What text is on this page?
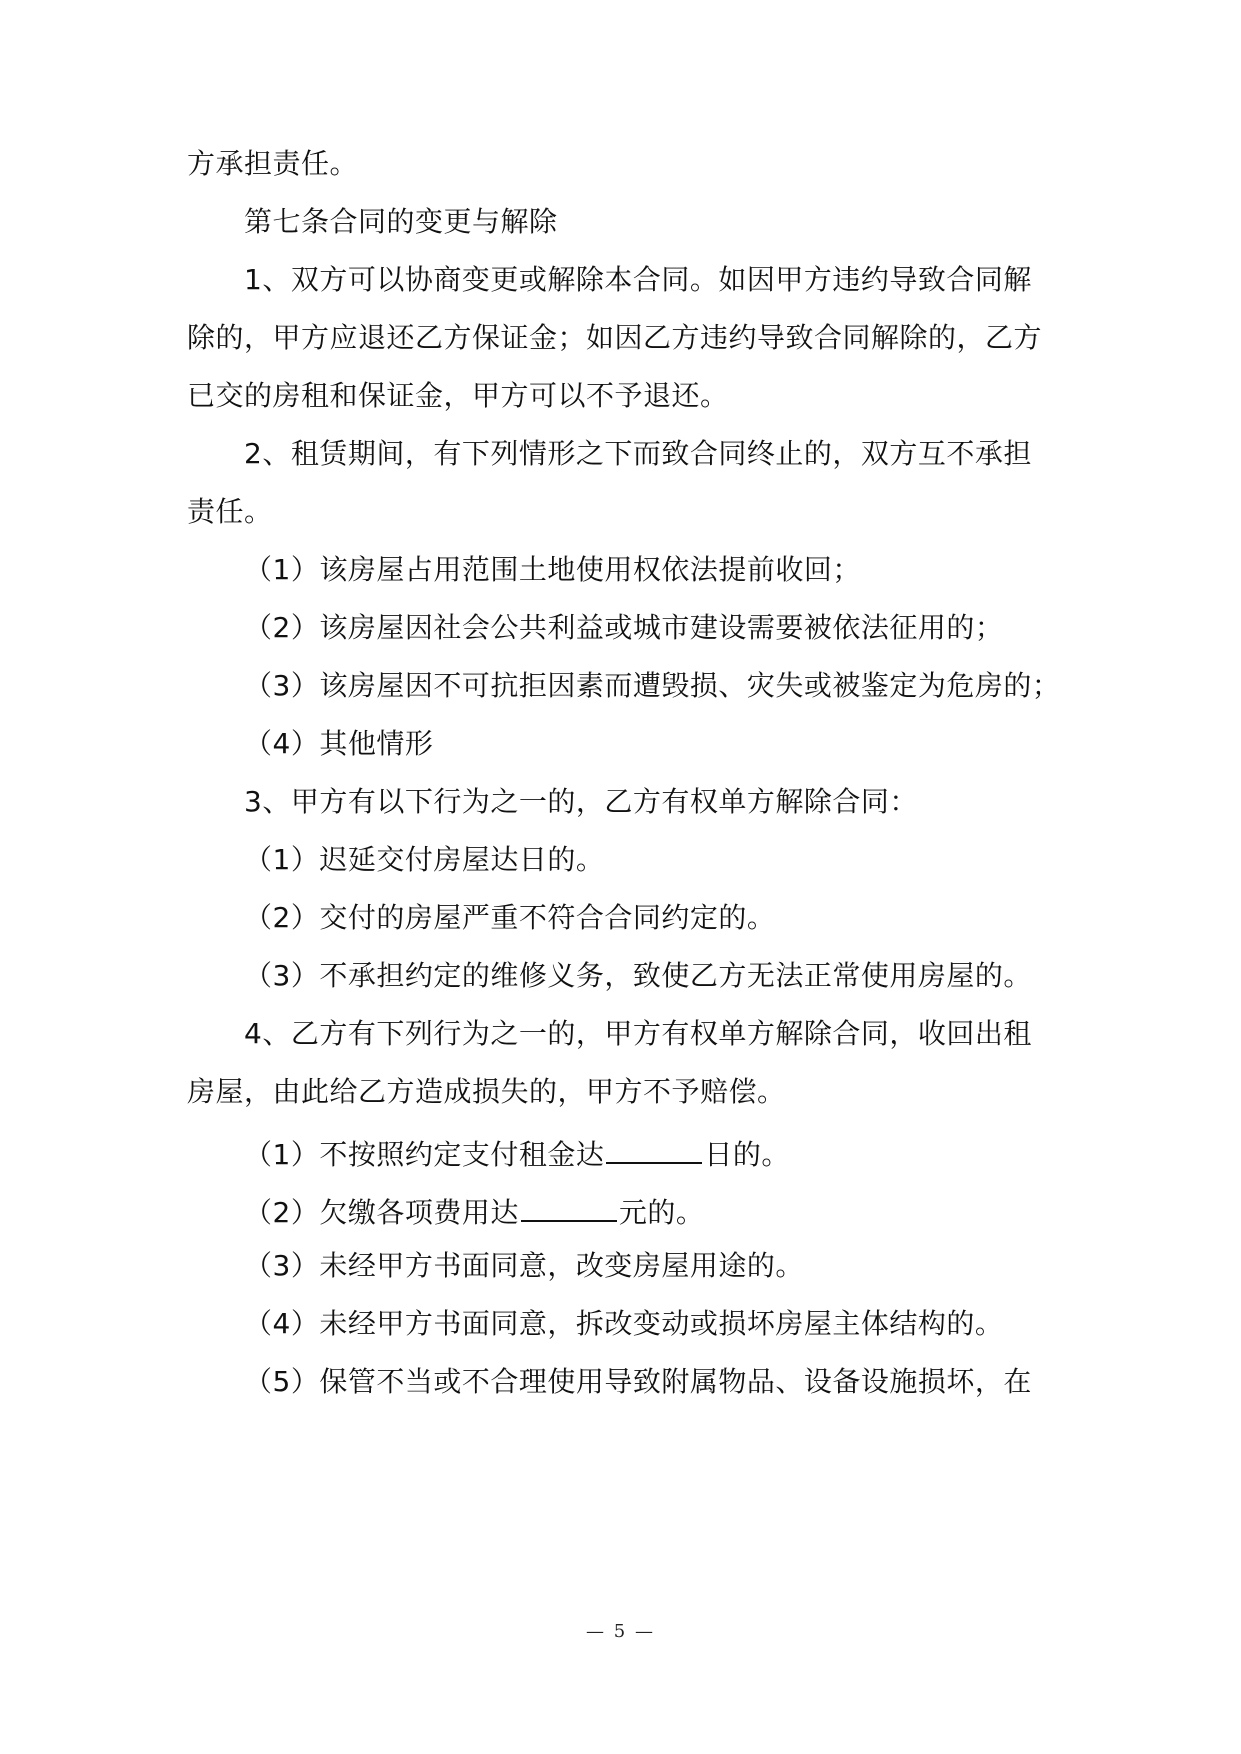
方承担责任。
第七条合同的变更与解除
1、双方可以协商变更或解除本合同。如因甲方违约导致合同解
除的，甲方应退还乙方保证金；如因乙方违约导致合同解除的，乙方
已交的房租和保证金，甲方可以不予退还。
2、租赁期间，有下列情形之下而致合同终止的，双方互不承担
责任。
（1）该房屋占用范围土地使用权依法提前收回；
（2）该房屋因社会公共利益或城市建设需要被依法征用的；
（3）该房屋因不可抗拒因素而遭毁损、灾失或被鉴定为危房的；
（4）其他情形
3、甲方有以下行为之一的，乙方有权单方解除合同：
（1）迟延交付房屋达日的。
（2）交付的房屋严重不符合合同约定的。
（3）不承担约定的维修义务，致使乙方无法正常使用房屋的。
4、乙方有下列行为之一的，甲方有权单方解除合同，收回出租
房屋，由此给乙方造成损失的，甲方不予赔偿。
（1）不按照约定支付租金达	日的。
（2）欠缴各项费用达	元的。
（3）未经甲方书面同意，改变房屋用途的。
（4）未经甲方书面同意，拆改变动或损坏房屋主体结构的。
（5）保管不当或不合理使用导致附属物品、设备设施损坏，在
— 5 —
